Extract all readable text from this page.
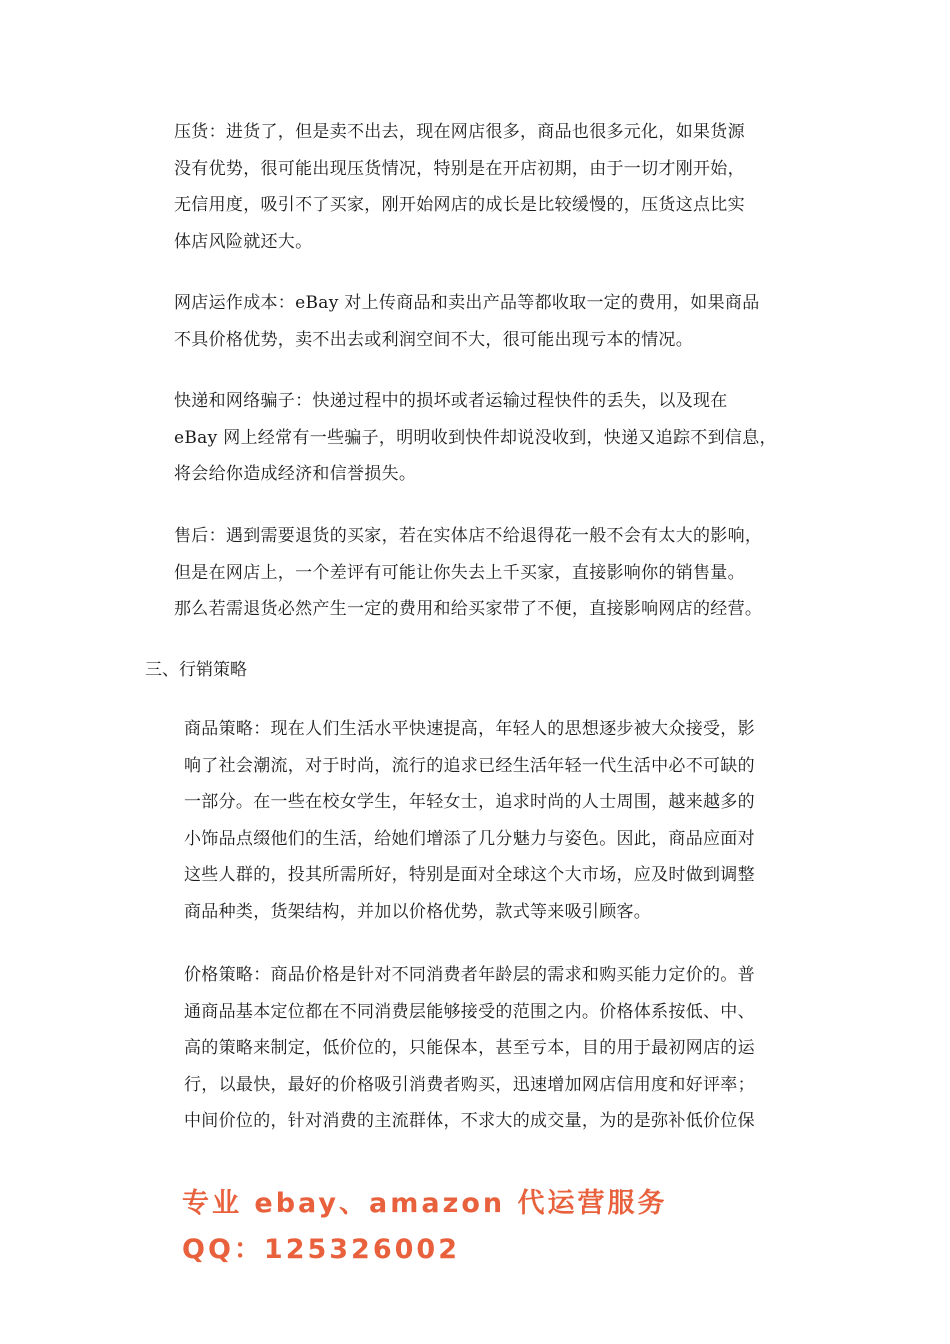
压货：进货了，但是卖不出去，现在网店很多，商品也很多元化，如果货源
没有优势，很可能出现压货情况，特别是在开店初期，由于一切才刚开始，
无信用度，吸引不了买家，刚开始网店的成长是比较缓慢的，压货这点比实
体店风险就还大。
网店运作成本：eBay 对上传商品和卖出产品等都收取一定的费用，如果商品
不具价格优势，卖不出去或利润空间不大，很可能出现亏本的情况。
快递和网络骗子：快递过程中的损坏或者运输过程快件的丢失，以及现在
eBay 网上经常有一些骗子，明明收到快件却说没收到，快递又追踪不到信息，
将会给你造成经济和信誉损失。
售后：遇到需要退货的买家，若在实体店不给退得花一般不会有太大的影响，
但是在网店上，一个差评有可能让你失去上千买家，直接影响你的销售量。
那么若需退货必然产生一定的费用和给买家带了不便，直接影响网店的经营。
三、行销策略
商品策略：现在人们生活水平快速提高，年轻人的思想逐步被大众接受，影
响了社会潮流，对于时尚，流行的追求已经生活年轻一代生活中必不可缺的
一部分。在一些在校女学生，年轻女士，追求时尚的人士周围，越来越多的
小饰品点缀他们的生活，给她们增添了几分魅力与姿色。因此，商品应面对
这些人群的，投其所需所好，特别是面对全球这个大市场，应及时做到调整
商品种类，货架结构，并加以价格优势，款式等来吸引顾客。
价格策略：商品价格是针对不同消费者年龄层的需求和购买能力定价的。普
通商品基本定位都在不同消费层能够接受的范围之内。价格体系按低、中、
高的策略来制定，低价位的，只能保本，甚至亏本，目的用于最初网店的运
行，以最快，最好的价格吸引消费者购买，迅速增加网店信用度和好评率；
中间价位的，针对消费的主流群体，不求大的成交量，为的是弥补低价位保
专业 ebay、amazon 代运营服务
QQ：125326002
